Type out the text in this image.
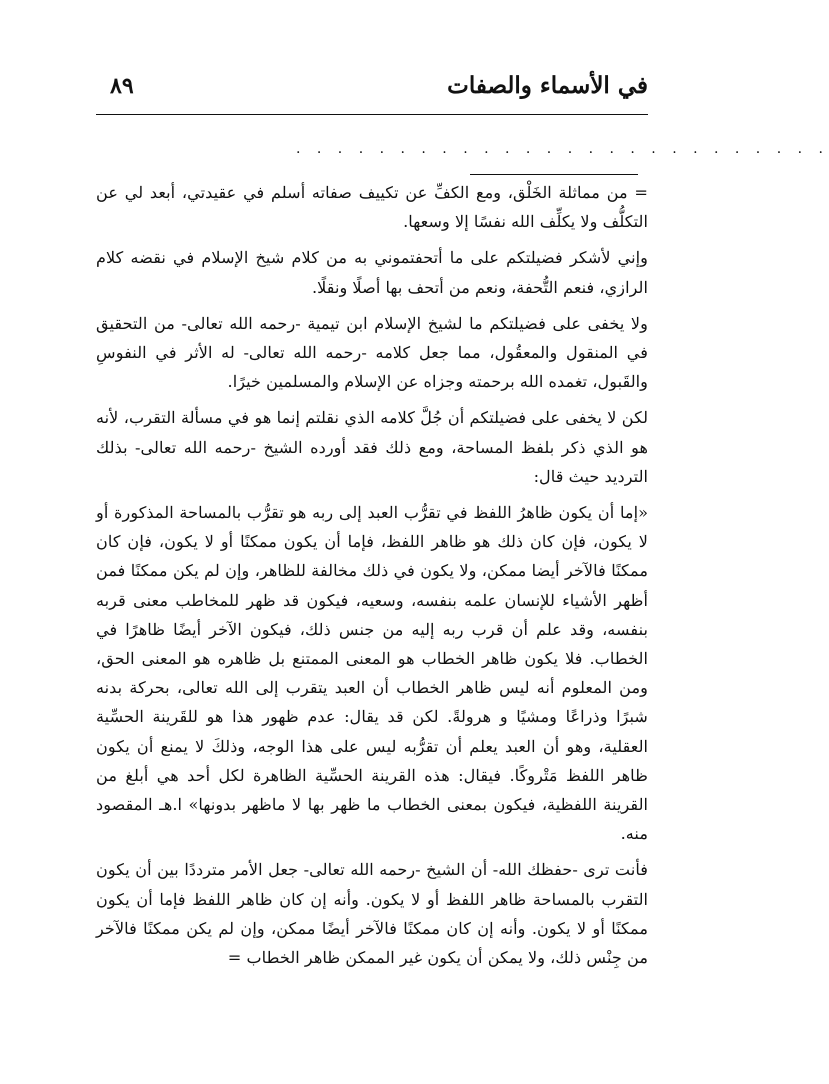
في الأسماء والصفات
٨٩
. . . . . . . . . . . . . . . . . . . . . . . . . .

= من مماثلة الخَلْق، ومع الكفِّ عن تكييف صفاته أسلم في عقيدتي، أبعد لي عن التكلُّف ولا يكلِّف الله نفسًا إلا وسعها.

وإني لأشكر فضيلتكم على ما أتحفتموني به من كلام شيخ الإسلام في نقضه كلام الرازي، فنعم التُّحفة، ونعم من أتحف بها أصلًا ونقلًا.

ولا يخفى على فضيلتكم ما لشيخ الإسلام ابن تيمية -رحمه الله تعالى- من التحقيق في المنقول والمعقُول، مما جعل كلامه -رحمه الله تعالى- له الأثر في النفوسِ والقَبول، تغمده الله برحمته وجزاه عن الإسلام والمسلمين خيرًا.

لكن لا يخفى على فضيلتكم أن جُلَّ كلامه الذي نقلتم إنما هو في مسألة التقرب، لأنه هو الذي ذكر بلفظ المساحة، ومع ذلك فقد أورده الشيخ -رحمه الله تعالى- بذلك الترديد حيث قال:

«إما أن يكون ظاهرُ اللفظ في تقرُّب العبد إلى ربه هو تقرُّب بالمساحة المذكورة أو لا يكون، فإن كان ذلك هو ظاهر اللفظ، فإما أن يكون ممكنًا أو لا يكون، فإن كان ممكنًا فالآخر أيضا ممكن، ولا يكون في ذلك مخالفة للظاهر، وإن لم يكن ممكنًا فمن أظهر الأشياء للإنسان علمه بنفسه، وسعيه، فيكون قد ظهر للمخاطب معنى قربه بنفسه، وقد علم أن قرب ربه إليه من جنس ذلك، فيكون الآخر أيضًا ظاهرًا في الخطاب. فلا يكون ظاهر الخطاب هو المعنى الممتنع بل ظاهره هو المعنى الحق، ومن المعلوم أنه ليس ظاهر الخطاب أن العبد يتقرب إلى الله تعالى، بحركة بدنه شبرًا وذراعًا ومشيًا و هرولةً. لكن قد يقال: عدم ظهور هذا هو للقَرينة الحسِّية العقلية، وهو أن العبد يعلم أن تقرُّبه ليس على هذا الوجه، وذلكَ لا يمنع أن يكون ظاهر اللفظ مَتْروكًا. فيقال: هذه القرينة الحسِّية الظاهرة لكل أحد هي أبلغ من القرينة اللفظية، فيكون بمعنى الخطاب ما ظهر بها لا ماظهر بدونها» ا.هـ المقصود منه.

فأنت ترى -حفظك الله- أن الشيخ -رحمه الله تعالى- جعل الأمر مترددًا بين أن يكون التقرب بالمساحة ظاهر اللفظ أو لا يكون. وأنه إن كان ظاهر اللفظ فإما أن يكون ممكنًا أو لا يكون. وأنه إن كان ممكنًا فالآخر أيضًا ممكن، وإن لم يكن ممكنًا فالآخر من جِنْس ذلك، ولا يمكن أن يكون غير الممكن ظاهر الخطاب =
